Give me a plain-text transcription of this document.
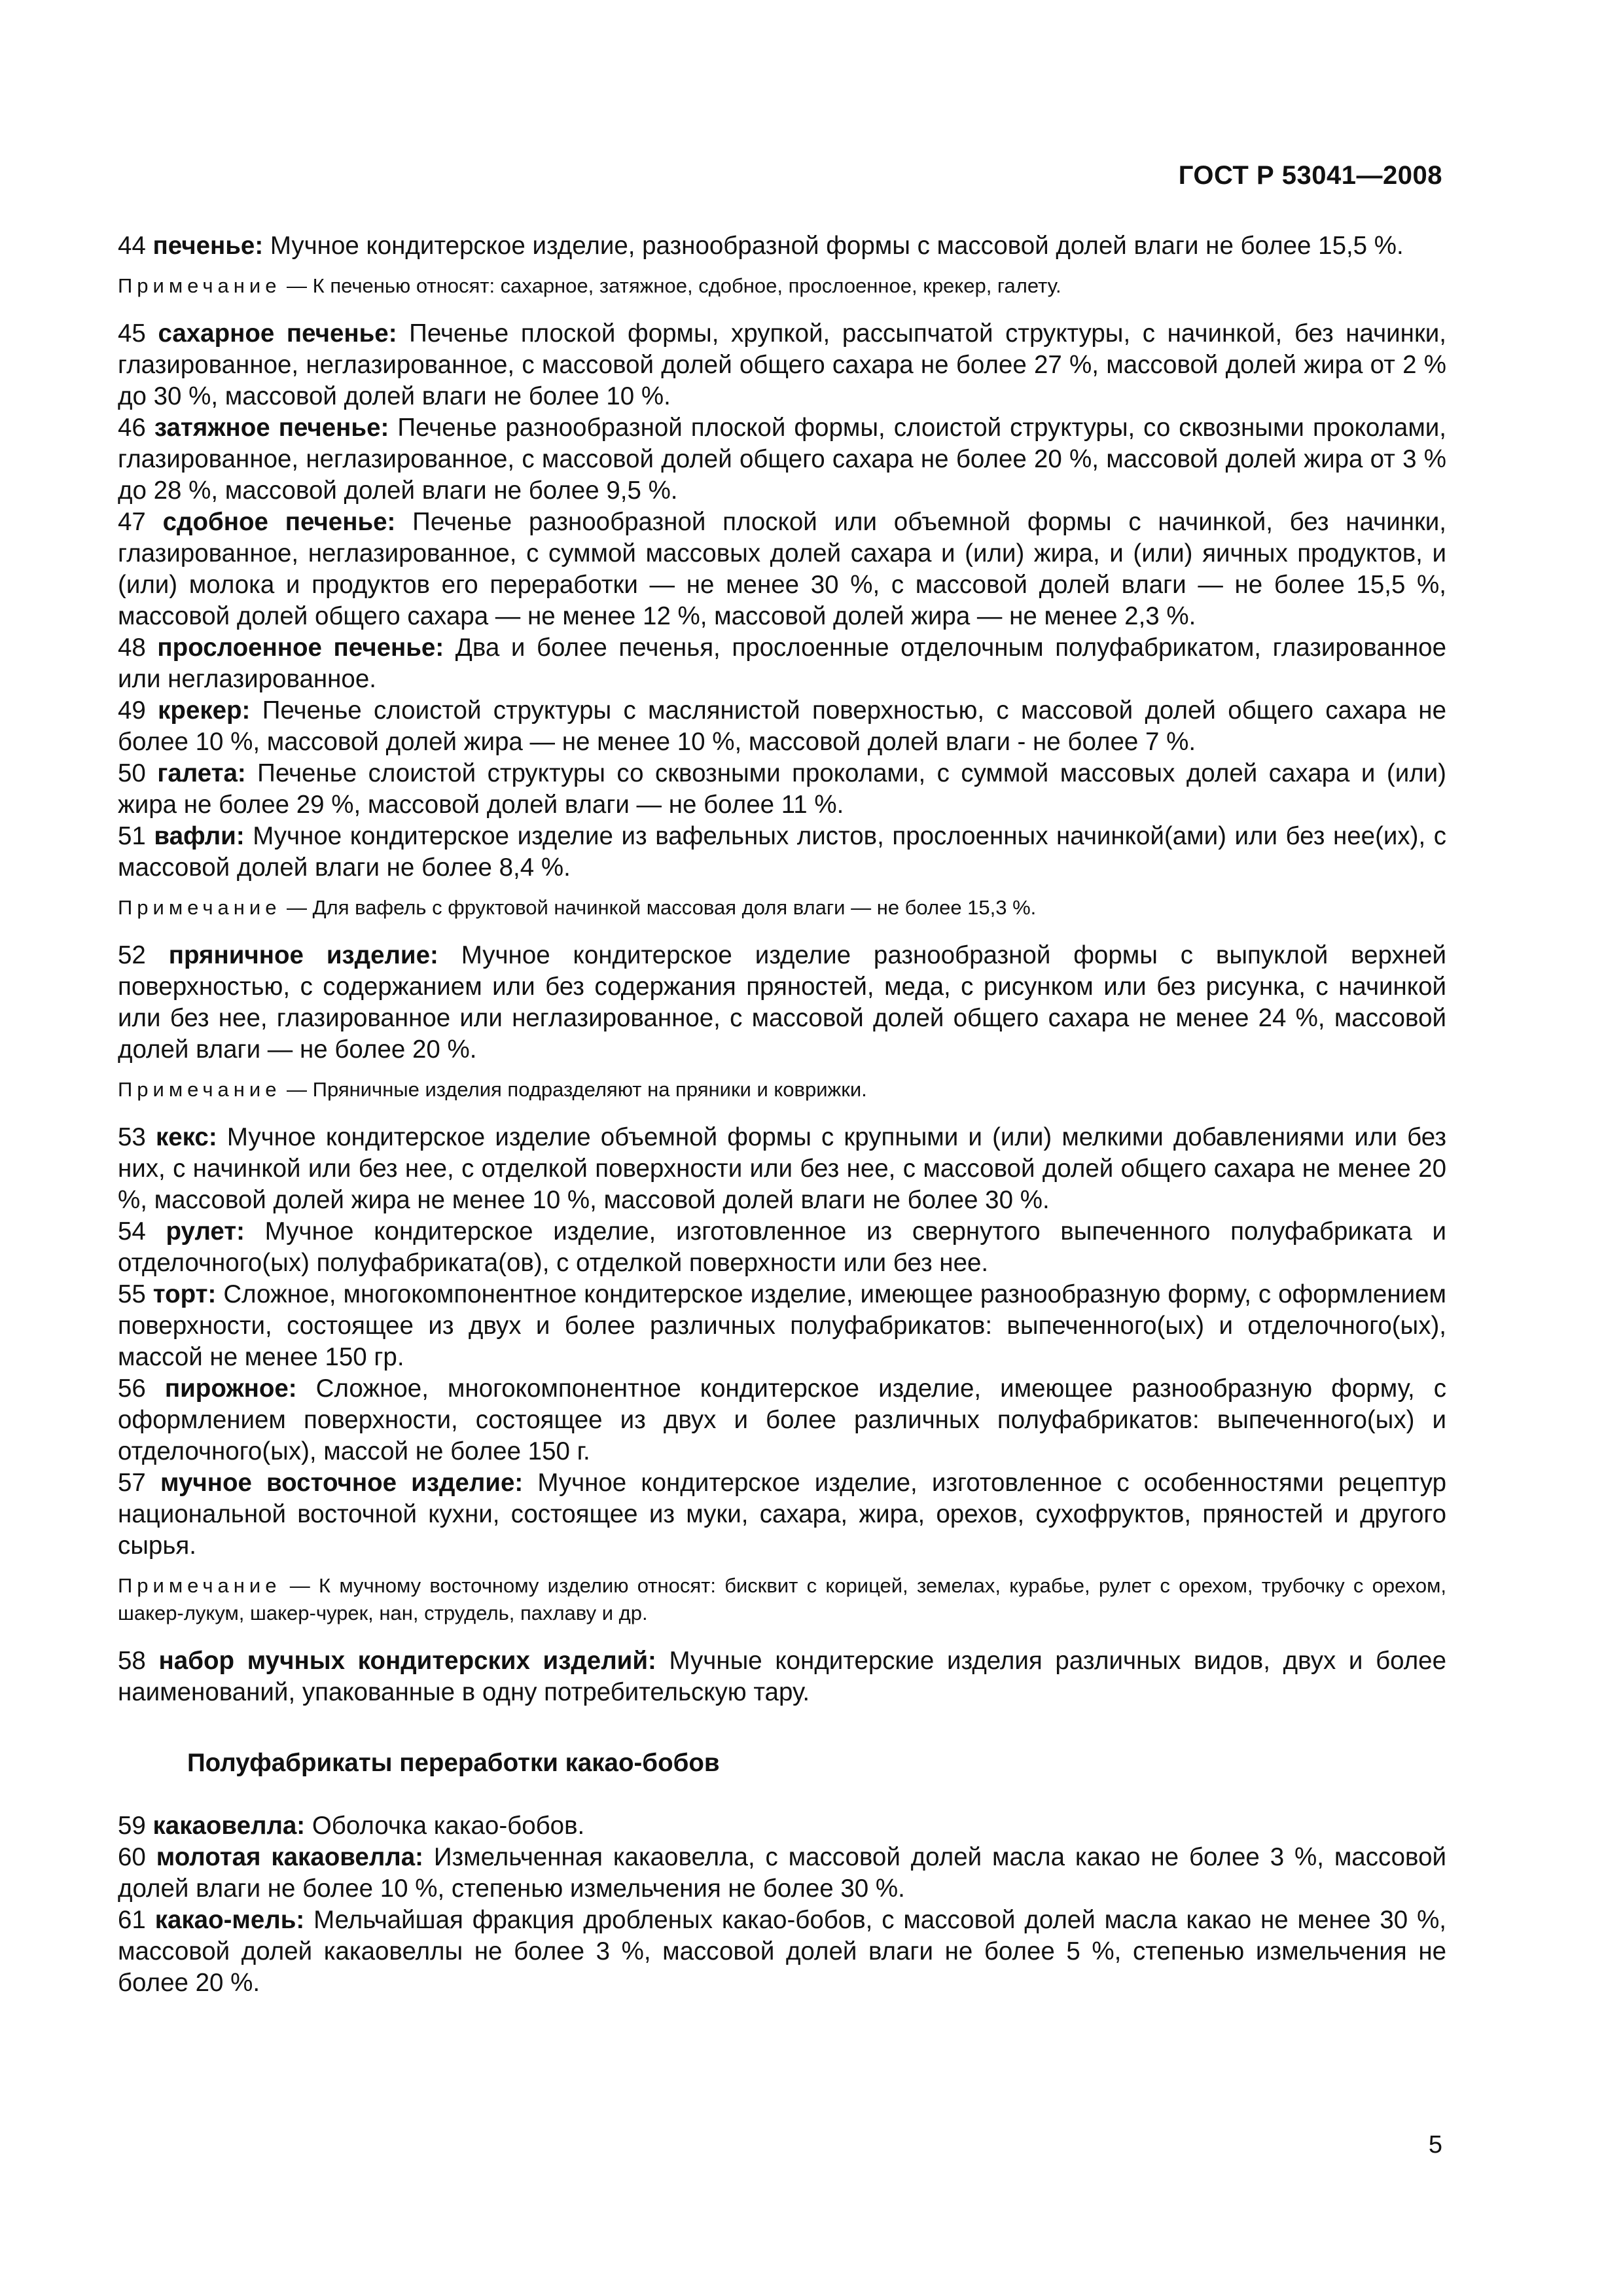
ГОСТ Р 53041—2008

44 печенье: Мучное кондитерское изделие, разнообразной формы с массовой долей влаги не более 15,5 %.

Примечание — К печенью относят: сахарное, затяжное, сдобное, прослоенное, крекер, галету.

45 сахарное печенье: Печенье плоской формы, хрупкой, рассыпчатой структуры, с начинкой, без начинки, глазированное, неглазированное, с массовой долей общего сахара не более 27 %, массовой долей жира от 2 % до 30 %, массовой долей влаги не более 10 %.

46 затяжное печенье: Печенье разнообразной плоской формы, слоистой структуры, со сквозными проколами, глазированное, неглазированное, с массовой долей общего сахара не более 20 %, массовой долей жира от 3 % до 28 %, массовой долей влаги не более 9,5 %.

47 сдобное печенье: Печенье разнообразной плоской или объемной формы с начинкой, без начинки, глазированное, неглазированное, с суммой массовых долей сахара и (или) жира, и (или) яичных продуктов, и (или) молока и продуктов его переработки — не менее 30 %, с массовой долей влаги — не более 15,5 %, массовой долей общего сахара — не менее 12 %, массовой долей жира — не менее 2,3 %.

48 прослоенное печенье: Два и более печенья, прослоенные отделочным полуфабрикатом, глазированное или неглазированное.

49 крекер: Печенье слоистой структуры с маслянистой поверхностью, с массовой долей общего сахара не более 10 %, массовой долей жира — не менее 10 %, массовой долей влаги - не более 7 %.

50 галета: Печенье слоистой структуры со сквозными проколами, с суммой массовых долей сахара и (или) жира не более 29 %, массовой долей влаги — не более 11 %.

51 вафли: Мучное кондитерское изделие из вафельных листов, прослоенных начинкой(ами) или без нее(их), с массовой долей влаги не более 8,4 %.

Примечание — Для вафель с фруктовой начинкой массовая доля влаги — не более 15,3 %.

52 пряничное изделие: Мучное кондитерское изделие разнообразной формы с выпуклой верхней поверхностью, с содержанием или без содержания пряностей, меда, с рисунком или без рисунка, с начинкой или без нее, глазированное или неглазированное, с массовой долей общего сахара не менее 24 %, массовой долей влаги — не более 20 %.

Примечание — Пряничные изделия подразделяют на пряники и коврижки.

53 кекс: Мучное кондитерское изделие объемной формы с крупными и (или) мелкими добавлениями или без них, с начинкой или без нее, с отделкой поверхности или без нее, с массовой долей общего сахара не менее 20 %, массовой долей жира не менее 10 %, массовой долей влаги не более 30 %.

54 рулет: Мучное кондитерское изделие, изготовленное из свернутого выпеченного полуфабриката и отделочного(ых) полуфабриката(ов), с отделкой поверхности или без нее.

55 торт: Сложное, многокомпонентное кондитерское изделие, имеющее разнообразную форму, с оформлением поверхности, состоящее из двух и более различных полуфабрикатов: выпеченного(ых) и отделочного(ых), массой не менее 150 гр.

56 пирожное: Сложное, многокомпонентное кондитерское изделие, имеющее разнообразную форму, с оформлением поверхности, состоящее из двух и более различных полуфабрикатов: выпеченного(ых) и отделочного(ых), массой не более 150 г.

57 мучное восточное изделие: Мучное кондитерское изделие, изготовленное с особенностями рецептур национальной восточной кухни, состоящее из муки, сахара, жира, орехов, сухофруктов, пряностей и другого сырья.

Примечание — К мучному восточному изделию относят: бисквит с корицей, земелах, курабье, рулет с орехом, трубочку с орехом, шакер-лукум, шакер-чурек, нан, струдель, пахлаву и др.

58 набор мучных кондитерских изделий: Мучные кондитерские изделия различных видов, двух и более наименований, упакованные в одну потребительскую тару.

Полуфабрикаты переработки какао-бобов

59 какаовелла: Оболочка какао-бобов.

60 молотая какаовелла: Измельченная какаовелла, с массовой долей масла какао не более 3 %, массовой долей влаги не более 10 %, степенью измельчения не более 30 %.

61 какао-мель: Мельчайшая фракция дробленых какао-бобов, с массовой долей масла какао не менее 30 %, массовой долей какаовеллы не более 3 %, массовой долей влаги не более 5 %, степенью измельчения не более 20 %.

5
